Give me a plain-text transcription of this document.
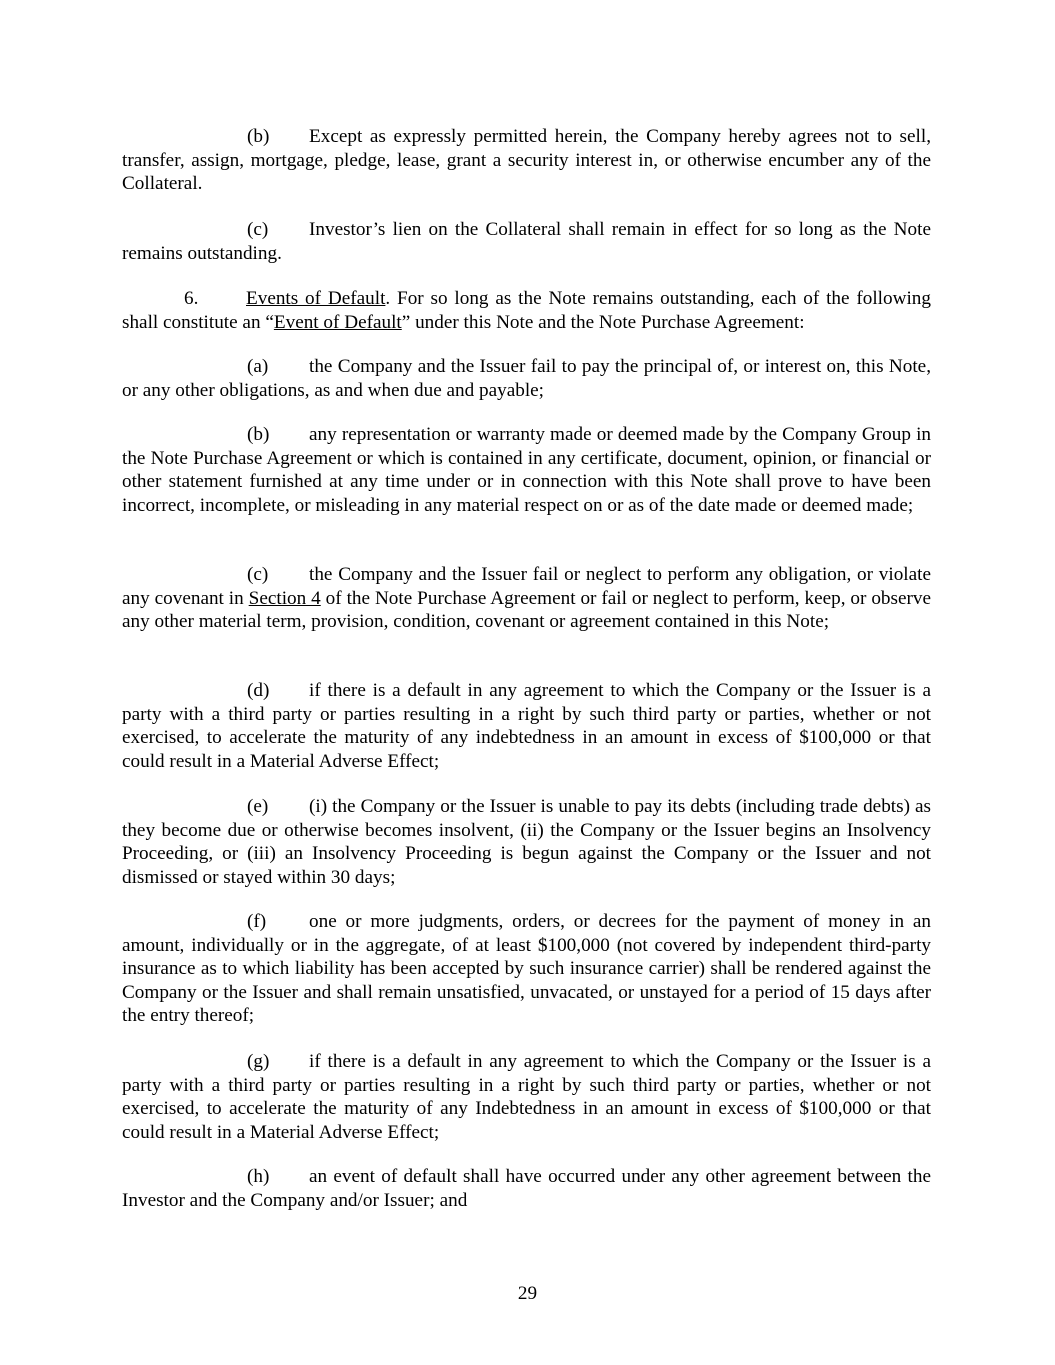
(b) Except as expressly permitted herein, the Company hereby agrees not to sell, transfer, assign, mortgage, pledge, lease, grant a security interest in, or otherwise encumber any of the Collateral.

(c) Investor’s lien on the Collateral shall remain in effect for so long as the Note remains outstanding.

6. Events of Default. For so long as the Note remains outstanding, each of the following shall constitute an “Event of Default” under this Note and the Note Purchase Agreement:

(a) the Company and the Issuer fail to pay the principal of, or interest on, this Note, or any other obligations, as and when due and payable;

(b) any representation or warranty made or deemed made by the Company Group in the Note Purchase Agreement or which is contained in any certificate, document, opinion, or financial or other statement furnished at any time under or in connection with this Note shall prove to have been incorrect, incomplete, or misleading in any material respect on or as of the date made or deemed made;

(c) the Company and the Issuer fail or neglect to perform any obligation, or violate any covenant in Section 4 of the Note Purchase Agreement or fail or neglect to perform, keep, or observe any other material term, provision, condition, covenant or agreement contained in this Note;

(d) if there is a default in any agreement to which the Company or the Issuer is a party with a third party or parties resulting in a right by such third party or parties, whether or not exercised, to accelerate the maturity of any indebtedness in an amount in excess of $100,000 or that could result in a Material Adverse Effect;

(e) (i) the Company or the Issuer is unable to pay its debts (including trade debts) as they become due or otherwise becomes insolvent, (ii) the Company or the Issuer begins an Insolvency Proceeding, or (iii) an Insolvency Proceeding is begun against the Company or the Issuer and not dismissed or stayed within 30 days;

(f) one or more judgments, orders, or decrees for the payment of money in an amount, individually or in the aggregate, of at least $100,000 (not covered by independent third-party insurance as to which liability has been accepted by such insurance carrier) shall be rendered against the Company or the Issuer and shall remain unsatisfied, unvacated, or unstayed for a period of 15 days after the entry thereof;

(g) if there is a default in any agreement to which the Company or the Issuer is a party with a third party or parties resulting in a right by such third party or parties, whether or not exercised, to accelerate the maturity of any Indebtedness in an amount in excess of $100,000 or that could result in a Material Adverse Effect;

(h) an event of default shall have occurred under any other agreement between the Investor and the Company and/or Issuer; and

29
